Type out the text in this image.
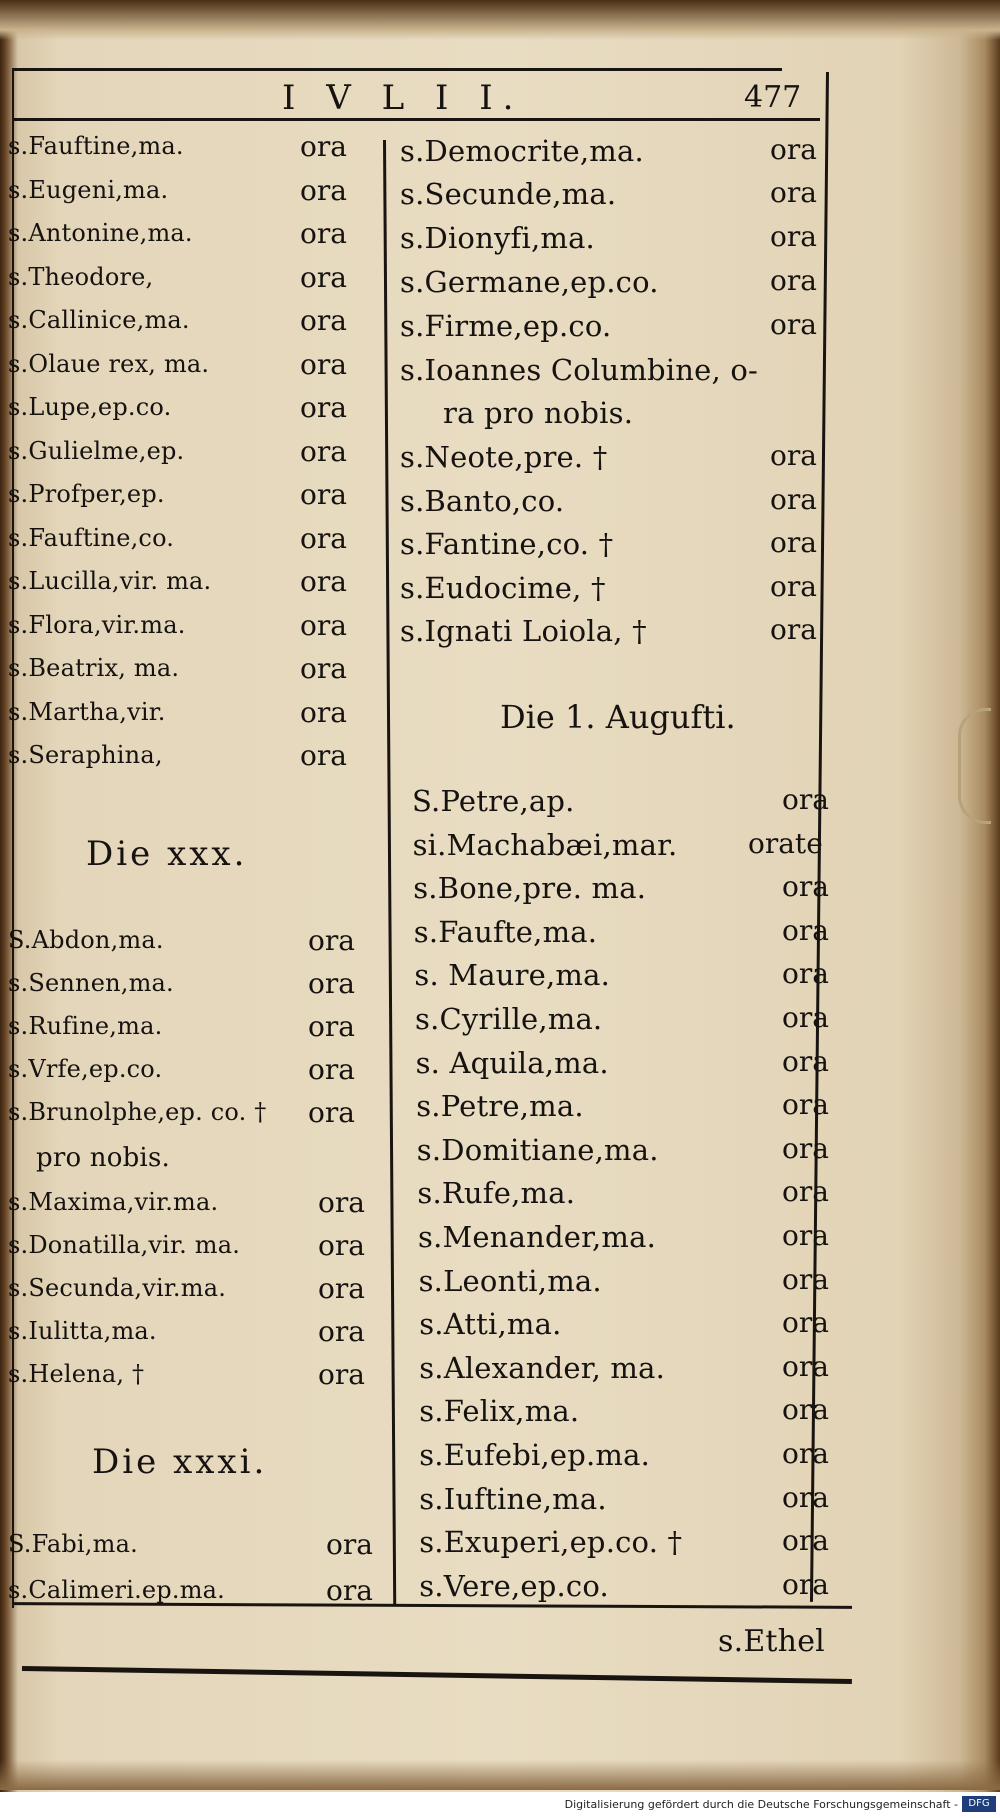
I V L I I.	477
s.Fauftine,ma.	ora
s.Eugeni,ma.	ora
s.Antonine,ma.	ora
s.Theodore,	ora
s.Callinice,ma.	ora
s.Olaue rex, ma.	ora
s.Lupe,ep.co.	ora
s.Gulielme,ep.	ora
s.Profper,ep.	ora
s.Fauftine,co.	ora
s.Lucilla,vir. ma.	ora
s.Flora,vir.ma.	ora
s.Beatrix, ma.	ora
s.Martha,vir.	ora
s.Seraphina,	ora
Die xxx.
Die xxxi.
pro nobis.
S.Abdon,ma.	ora
s.Sennen,ma.	ora
s.Rufine,ma.	ora
s.Vrfe,ep.co.	ora
s.Brunolphe,ep. co. † ora
s.Maxima,vir.ma.	ora
s.Donatilla,vir. ma.	ora
s.Secunda,vir.ma.	ora
s.Iulitta,ma.	ora
s.Helena, †	ora
S.Fabi,ma.	ora
s.Calimeri.ep.ma.	ora
s.Democrite,ma.	ora
s.Secunde,ma.	ora
s.Dionyfi,ma.	ora
s.Germane,ep.co.	ora
s.Firme,ep.co.	ora
s.Ioannes Columbine, o-
ra pro nobis.
s.Neote,pre. †	ora
s.Banto,co.	ora
s.Fantine,co. †	ora
s.Eudocime, †	ora
s.Ignati Loiola, †	ora
Die 1. Augufti.
S.Petre,ap.	ora
si.Machabæi,mar.	orate
s.Bone,pre. ma.	ora
s.Faufte,ma.	ora
s. Maure,ma.	ora
s.Cyrille,ma.	ora
s. Aquila,ma.	ora
s.Petre,ma.	ora
s.Domitiane,ma.	ora
s.Rufe,ma.	ora
s.Menander,ma.	ora
s.Leonti,ma.	ora
s.Atti,ma.	ora
s.Alexander, ma.	ora
s.Felix,ma.	ora
s.Eufebi,ep.ma.	ora
s.Iuftine,ma.	ora
s.Exuperi,ep.co. †	ora
s.Vere,ep.co.	ora
s.Ethel
Digitalisierung gefördert durch die Deutsche Forschungsgemeinschaft -	DFG
